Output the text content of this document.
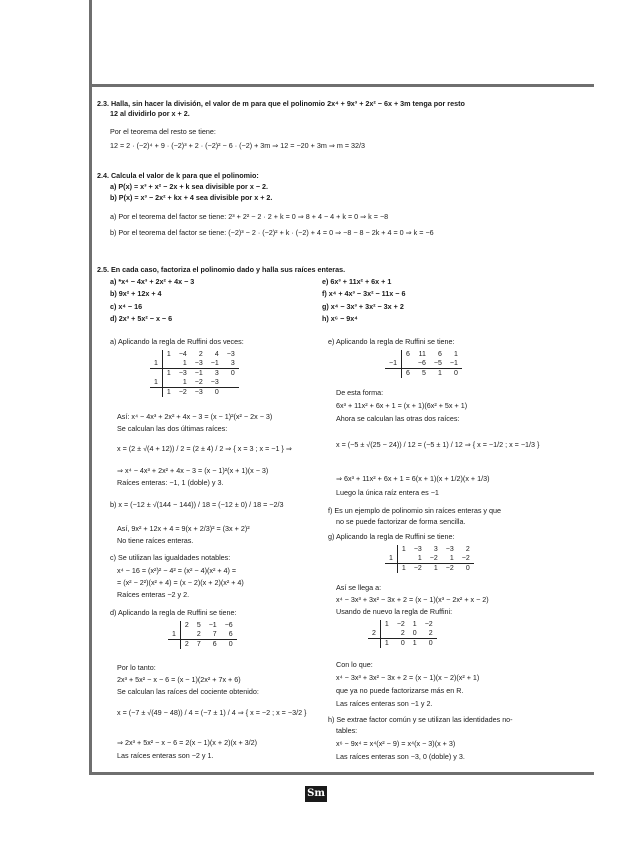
2.3. Halla, sin hacer la división, el valor de m para que el polinomio 2x⁴ + 9x³ + 2x² − 6x + 3m tenga por resto
12 al dividirlo por x + 2.
Por el teorema del resto se tiene:
12 = 2 · (−2)⁴ + 9 · (−2)³ + 2 · (−2)² − 6 · (−2) + 3m ⇒ 12 = −20 + 3m ⇒ m = 32/3
2.4. Calcula el valor de k para que el polinomio:
a) P(x) = x³ + x² − 2x + k sea divisible por x − 2.
b) P(x) = x³ − 2x² + kx + 4 sea divisible por x + 2.
a) Por el teorema del factor se tiene: 2³ + 2² − 2 · 2 + k = 0 ⇒ 8 + 4 − 4 + k = 0 ⇒ k = −8
b) Por el teorema del factor se tiene: (−2)³ − 2 · (−2)² + k · (−2) + 4 = 0 ⇒ −8 − 8 − 2k + 4 = 0 ⇒ k = −6
2.5. En cada caso, factoriza el polinomio dado y halla sus raíces enteras.
a) *x⁴ − 4x³ + 2x² + 4x − 3
b) 9x² + 12x + 4
c) x⁴ − 16
d) 2x³ + 5x² − x − 6
e) 6x³ + 11x² + 6x + 1
f) x⁴ + 4x³ − 3x² − 11x − 6
g) x⁴ − 3x³ + 3x² − 3x + 2
h) x⁶ − 9x⁴
a) Aplicando la regla de Ruffini dos veces:
	1	−4	2	4	−3
1		1	−3	−1	3
	1	−3	−1	3	0
1		1	−2	−3	
	1	−2	−3	0	
Así: x⁴ − 4x³ + 2x² + 4x − 3 = (x − 1)²(x² − 2x − 3)
Se calculan las dos últimas raíces:
x = (2 ± √(4 + 12)) / 2 = (2 ± 4) / 2 ⇒ { x = 3 ; x = −1 } ⇒
⇒ x⁴ − 4x³ + 2x² + 4x − 3 = (x − 1)²(x + 1)(x − 3)
Raíces enteras: −1, 1 (doble) y 3.
b) x = (−12 ± √(144 − 144)) / 18 = (−12 ± 0) / 18 = −2/3
Así, 9x² + 12x + 4 = 9(x + 2/3)² = (3x + 2)²
No tiene raíces enteras.
c) Se utilizan las igualdades notables:
x⁴ − 16 = (x²)² − 4² = (x² − 4)(x² + 4) =
= (x² − 2²)(x² + 4) = (x − 2)(x + 2)(x² + 4)
Raíces enteras −2 y 2.
d) Aplicando la regla de Ruffini se tiene:
	2	5	−1	−6
1		2	7	6
	2	7	6	0
Por lo tanto:
2x³ + 5x² − x − 6 = (x − 1)(2x² + 7x + 6)
Se calculan las raíces del cociente obtenido:
x = (−7 ± √(49 − 48)) / 4 = (−7 ± 1) / 4 ⇒ { x = −2 ; x = −3/2 }
⇒ 2x³ + 5x² − x − 6 = 2(x − 1)(x + 2)(x + 3/2)
Las raíces enteras son −2 y 1.
e) Aplicando la regla de Ruffini se tiene:
	6	11	6	1
−1		−6	−5	−1
	6	5	1	0
De esta forma:
6x³ + 11x² + 6x + 1 = (x + 1)(6x² + 5x + 1)
Ahora se calculan las otras dos raíces:
x = (−5 ± √(25 − 24)) / 12 = (−5 ± 1) / 12 ⇒ { x = −1/2 ; x = −1/3 }
⇒ 6x³ + 11x² + 6x + 1 = 6(x + 1)(x + 1/2)(x + 1/3)
Luego la única raíz entera es −1
f) Es un ejemplo de polinomio sin raíces enteras y que
no se puede factorizar de forma sencilla.
g) Aplicando la regla de Ruffini se tiene:
	1	−3	3	−3	2
1		1	−2	1	−2
	1	−2	1	−2	0
Así se llega a:
x⁴ − 3x³ + 3x² − 3x + 2 = (x − 1)(x³ − 2x² + x − 2)
Usando de nuevo la regla de Ruffini:
	1	−2	1	−2
2		2	0	2
	1	0	1	0
Con lo que:
x⁴ − 3x³ + 3x² − 3x + 2 = (x − 1)(x − 2)(x² + 1)
que ya no puede factorizarse más en R.
Las raíces enteras son −1 y 2.
h) Se extrae factor común y se utilizan las identidades no-
tables:
x⁶ − 9x⁴ = x⁴(x² − 9) = x⁴(x − 3)(x + 3)
Las raíces enteras son −3, 0 (doble) y 3.
Sm
